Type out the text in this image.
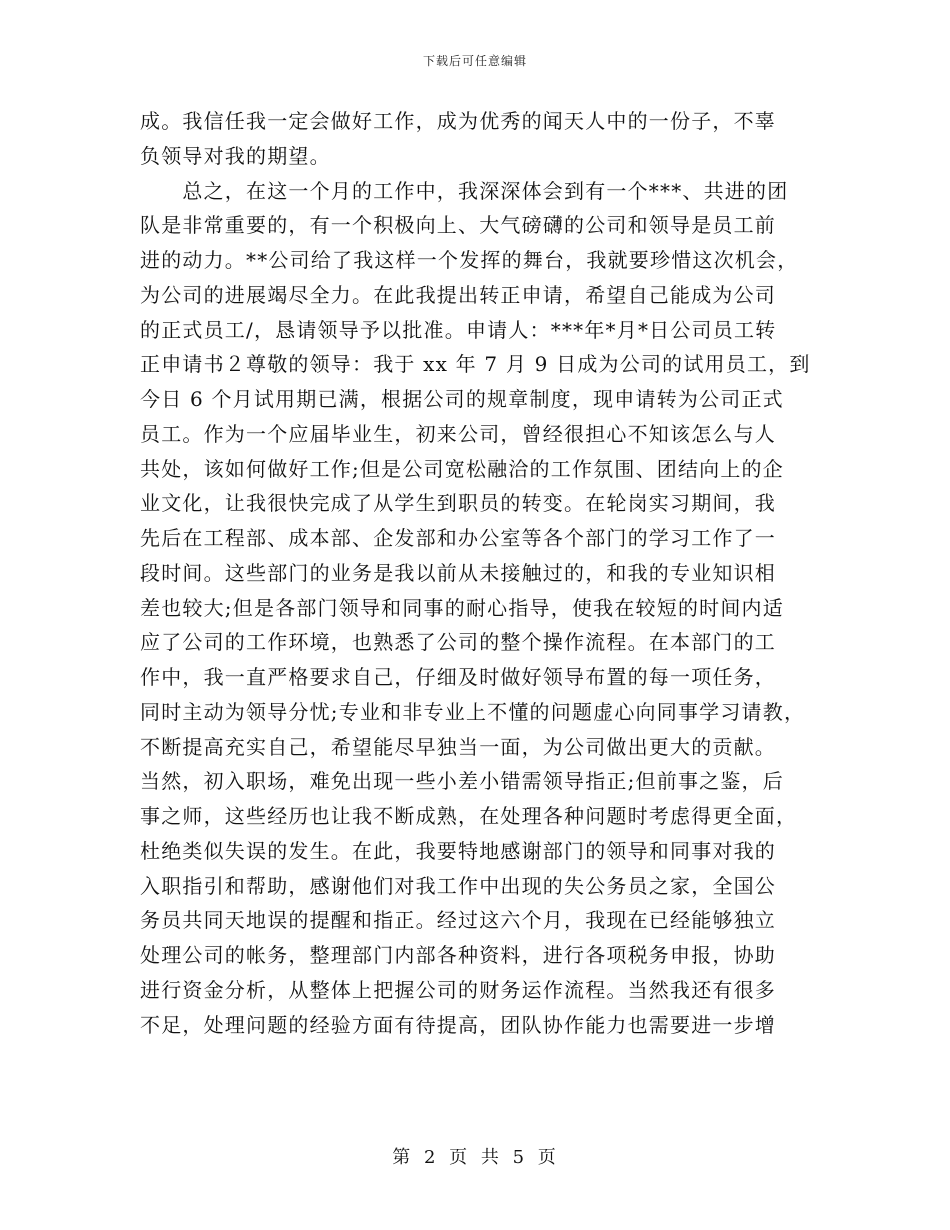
下载后可任意编辑
成。我信任我一定会做好工作，成为优秀的闻天人中的一份子，不辜
负领导对我的期望。
　　总之，在这一个月的工作中，我深深体会到有一个***、共进的团
队是非常重要的，有一个积极向上、大气磅礴的公司和领导是员工前
进的动力。**公司给了我这样一个发挥的舞台，我就要珍惜这次机会，
为公司的进展竭尽全力。在此我提出转正申请，希望自己能成为公司
的正式员工/，恳请领导予以批准。申请人：***年*月*日公司员工转
正申请书２尊敬的领导：我于 xx 年 7 月 9 日成为公司的试用员工，到
今日 6 个月试用期已满，根据公司的规章制度，现申请转为公司正式
员工。作为一个应届毕业生，初来公司，曾经很担心不知该怎么与人
共处，该如何做好工作;但是公司宽松融洽的工作氛围、团结向上的企
业文化，让我很快完成了从学生到职员的转变。在轮岗实习期间，我
先后在工程部、成本部、企发部和办公室等各个部门的学习工作了一
段时间。这些部门的业务是我以前从未接触过的，和我的专业知识相
差也较大;但是各部门领导和同事的耐心指导，使我在较短的时间内适
应了公司的工作环境，也熟悉了公司的整个操作流程。在本部门的工
作中，我一直严格要求自己，仔细及时做好领导布置的每一项任务，
同时主动为领导分忧;专业和非专业上不懂的问题虚心向同事学习请教，
不断提高充实自己，希望能尽早独当一面，为公司做出更大的贡献。
当然，初入职场，难免出现一些小差小错需领导指正;但前事之鉴，后
事之师，这些经历也让我不断成熟，在处理各种问题时考虑得更全面，
杜绝类似失误的发生。在此，我要特地感谢部门的领导和同事对我的
入职指引和帮助，感谢他们对我工作中出现的失公务员之家，全国公
务员共同天地误的提醒和指正。经过这六个月，我现在已经能够独立
处理公司的帐务，整理部门内部各种资料，进行各项税务申报，协助
进行资金分析，从整体上把握公司的财务运作流程。当然我还有很多
不足，处理问题的经验方面有待提高，团队协作能力也需要进一步增
第 2 页 共 5 页
